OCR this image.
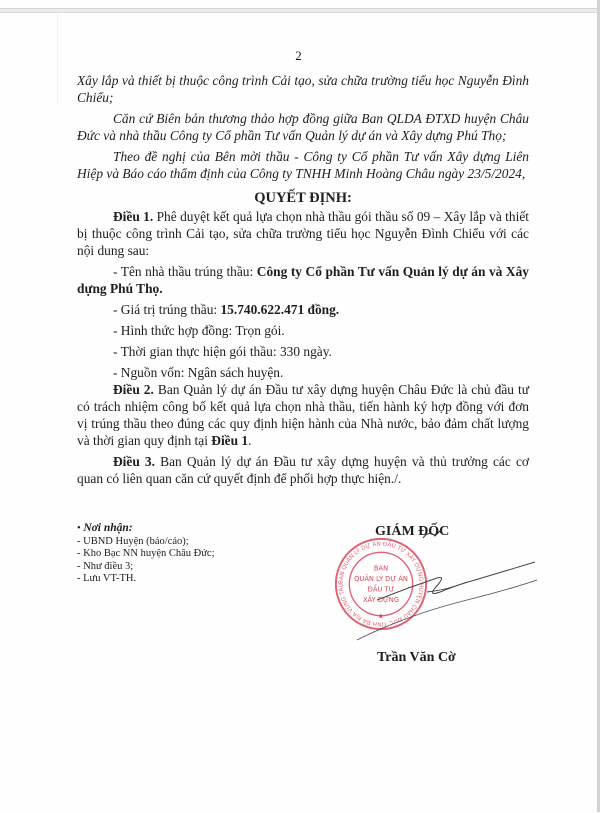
2

Xây lắp và thiết bị thuộc công trình Cải tạo, sửa chữa trường tiểu học Nguyễn Đình Chiểu;

Căn cứ Biên bản thương thảo hợp đồng giữa Ban QLDA ĐTXD huyện Châu Đức và nhà thầu Công ty Cổ phần Tư vấn Quản lý dự án và Xây dựng Phú Thọ;

Theo đề nghị của Bên mời thầu - Công ty Cổ phần Tư vấn Xây dựng Liên Hiệp và Báo cáo thẩm định của Công ty TNHH Minh Hoàng Châu ngày 23/5/2024,

QUYẾT ĐỊNH:

Điều 1. Phê duyệt kết quả lựa chọn nhà thầu gói thầu số 09 – Xây lắp và thiết bị thuộc công trình Cải tạo, sửa chữa trường tiểu học Nguyễn Đình Chiểu với các nội dung sau:

- Tên nhà thầu trúng thầu: Công ty Cổ phần Tư vấn Quản lý dự án và Xây dựng Phú Thọ.

- Giá trị trúng thầu: 15.740.622.471 đồng.

- Hình thức hợp đồng: Trọn gói.

- Thời gian thực hiện gói thầu: 330 ngày.

- Nguồn vốn: Ngân sách huyện.

Điều 2. Ban Quản lý dự án Đầu tư xây dựng huyện Châu Đức là chủ đầu tư có trách nhiệm công bố kết quả lựa chọn nhà thầu, tiến hành ký hợp đồng với đơn vị trúng thầu theo đúng các quy định hiện hành của Nhà nước, bảo đảm chất lượng và thời gian quy định tại Điều 1.

Điều 3. Ban Quản lý dự án Đầu tư xây dựng huyện và thủ trưởng các cơ quan có liên quan căn cứ quyết định để phối hợp thực hiện./.

• Nơi nhận:
- UBND Huyện (báo/cáo);
- Kho Bạc NN huyện Châu Đức;
- Như điều 3;
- Lưu VT-TH.	BAN QUẢN LÝ DỰ ÁN ĐẦU TƯ XÂY DỰNG HUYỆN CHÂU ĐỨC TỈNH BÀ RỊA VŨNG TÀU
BAN
QUẢN LÝ DỰ ÁN
ĐẦU TƯ
XÂY DỰNG
★
GIÁM ĐỐC
Trần Văn Cờ
